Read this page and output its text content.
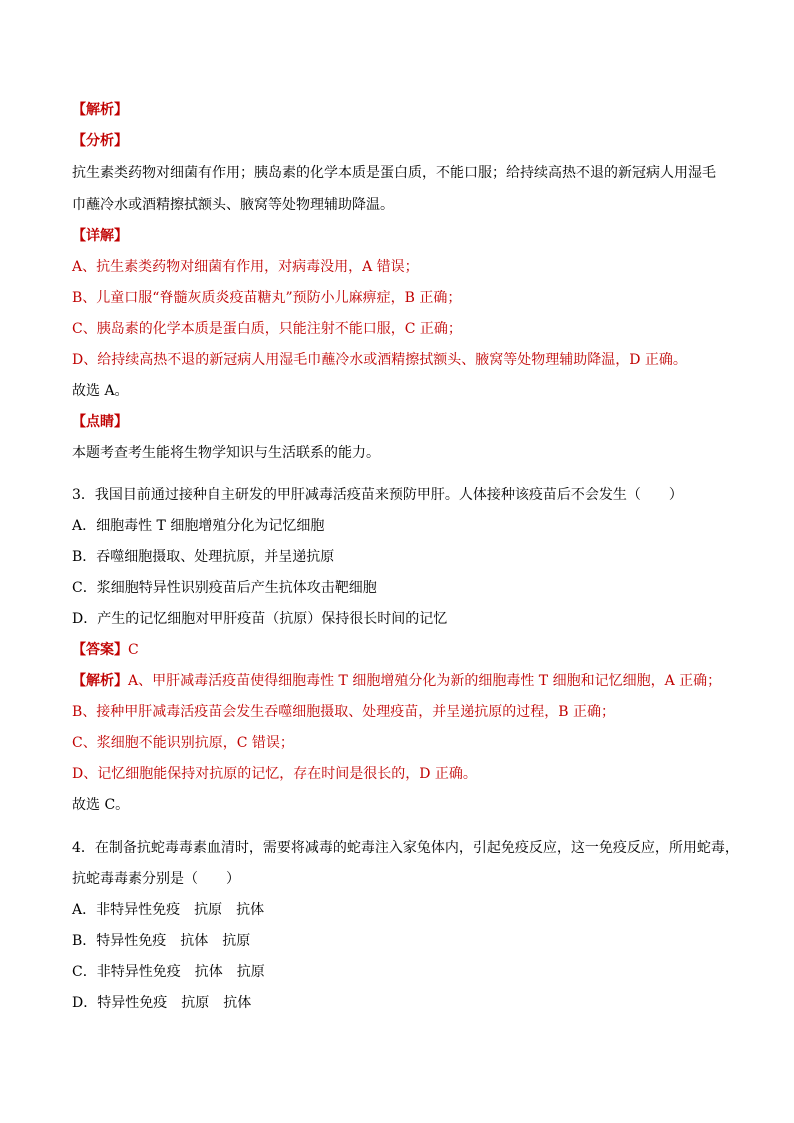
【解析】
【分析】
抗生素类药物对细菌有作用；胰岛素的化学本质是蛋白质，不能口服；给持续高热不退的新冠病人用湿毛
巾蘸冷水或酒精擦拭额头、腋窝等处物理辅助降温。
【详解】
A、抗生素类药物对细菌有作用，对病毒没用，A 错误；
B、儿童口服“脊髓灰质炎疫苗糖丸”预防小儿麻痹症，B 正确；
C、胰岛素的化学本质是蛋白质，只能注射不能口服，C 正确；
D、给持续高热不退的新冠病人用湿毛巾蘸冷水或酒精擦拭额头、腋窝等处物理辅助降温，D 正确。
故选 A。
【点睛】
本题考查考生能将生物学知识与生活联系的能力。
3．我国目前通过接种自主研发的甲肝减毒活疫苗来预防甲肝。人体接种该疫苗后不会发生（　　）
A．细胞毒性 T 细胞增殖分化为记忆细胞
B．吞噬细胞摄取、处理抗原，并呈递抗原
C．浆细胞特异性识别疫苗后产生抗体攻击靶细胞
D．产生的记忆细胞对甲肝疫苗（抗原）保持很长时间的记忆
【答案】C
【解析】A、甲肝减毒活疫苗使得细胞毒性 T 细胞增殖分化为新的细胞毒性 T 细胞和记忆细胞，A 正确；
B、接种甲肝减毒活疫苗会发生吞噬细胞摄取、处理疫苗，并呈递抗原的过程，B 正确；
C、浆细胞不能识别抗原，C 错误；
D、记忆细胞能保持对抗原的记忆，存在时间是很长的，D 正确。
故选 C。
4．在制备抗蛇毒毒素血清时，需要将减毒的蛇毒注入家兔体内，引起免疫反应，这一免疫反应，所用蛇毒，
抗蛇毒毒素分别是（　　）
A．非特异性免疫　抗原　抗体
B．特异性免疫　抗体　抗原
C．非特异性免疫　抗体　抗原
D．特异性免疫　抗原　抗体
